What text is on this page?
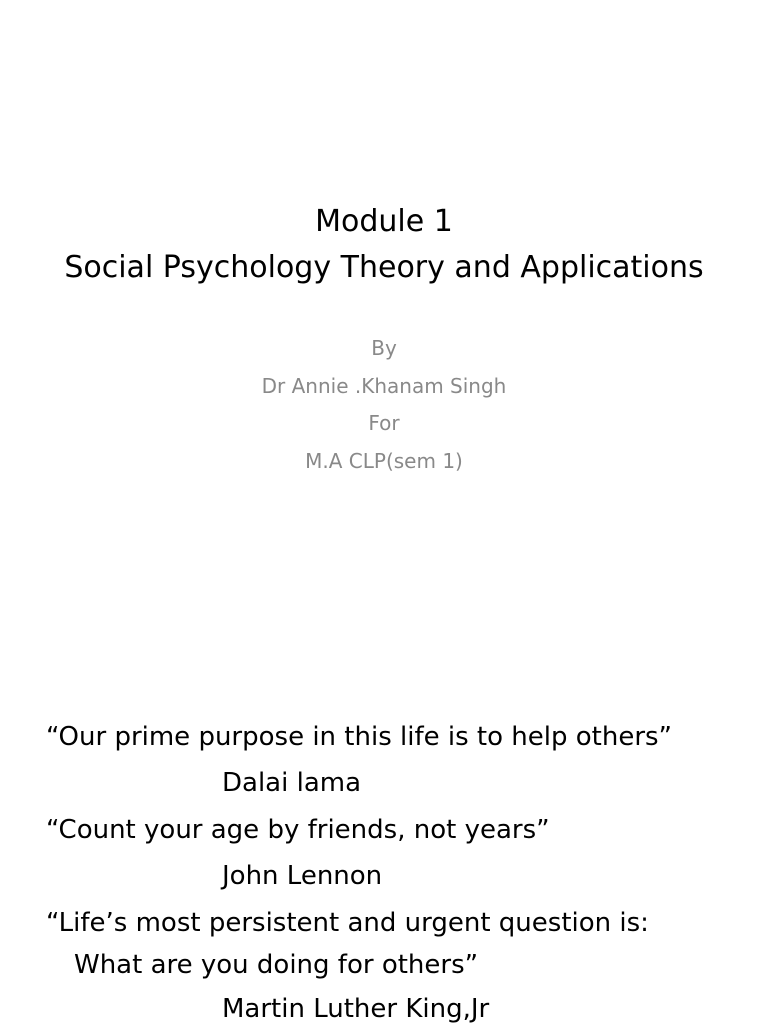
Module 1
Social Psychology Theory and Applications
By
Dr Annie .Khanam Singh
For
M.A CLP(sem 1)
“Our prime purpose in this life is to help others”
Dalai lama
“Count your age by friends, not years”
John Lennon
“Life’s most persistent and urgent question is:
What are you doing for others”
Martin Luther King,Jr
